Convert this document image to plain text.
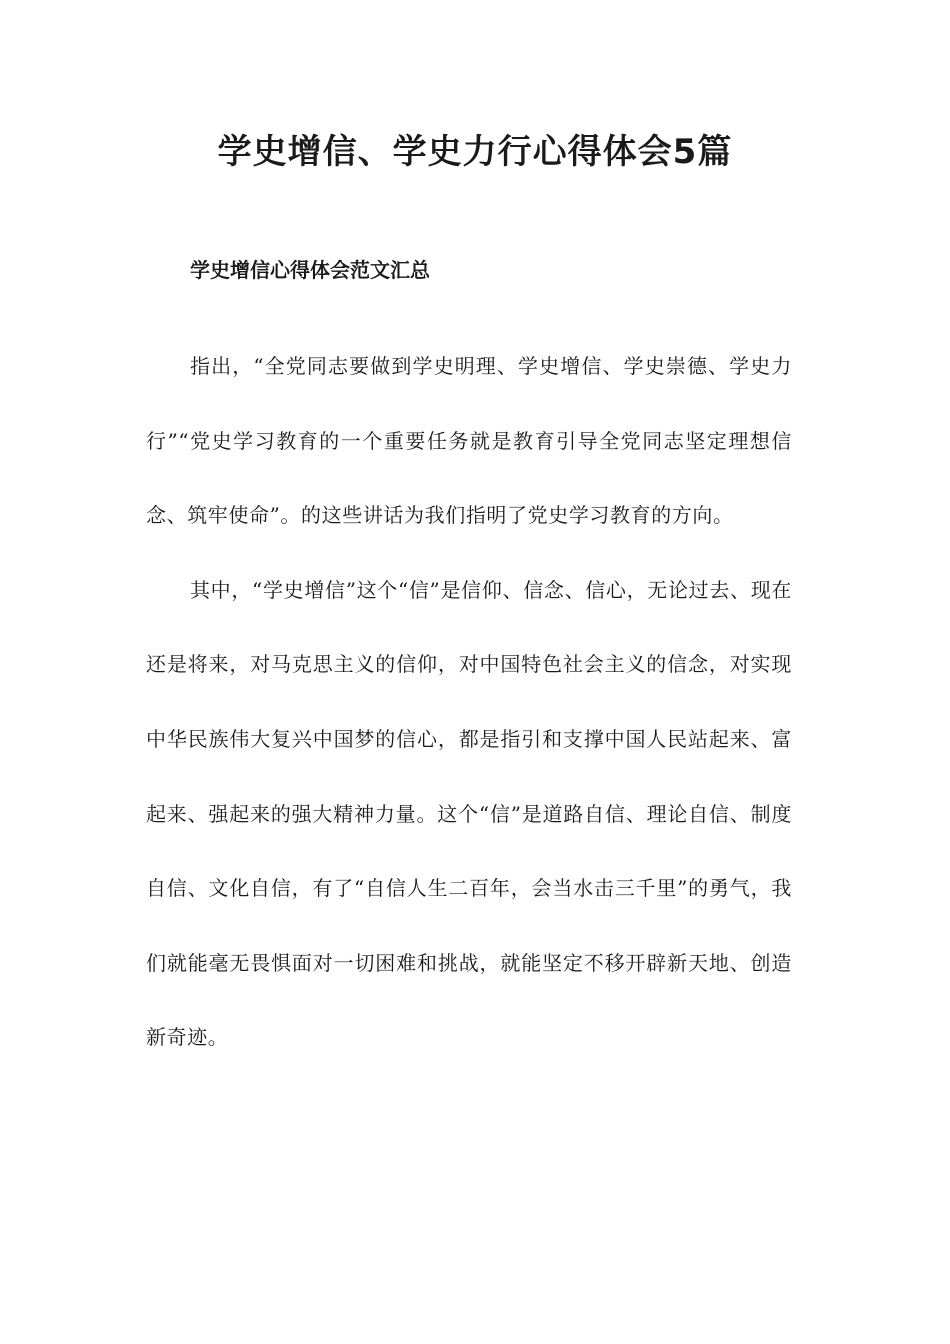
学史增信、学史力行心得体会5篇
学史增信心得体会范文汇总

指出，“全党同志要做到学史明理、学史增信、学史崇德、学史力行”“党史学习教育的一个重要任务就是教育引导全党同志坚定理想信念、筑牢使命”。的这些讲话为我们指明了党史学习教育的方向。

其中，“学史增信”这个“信”是信仰、信念、信心，无论过去、现在还是将来，对马克思主义的信仰，对中国特色社会主义的信念，对实现中华民族伟大复兴中国梦的信心，都是指引和支撑中国人民站起来、富起来、强起来的强大精神力量。这个“信”是道路自信、理论自信、制度自信、文化自信，有了“自信人生二百年，会当水击三千里”的勇气，我们就能毫无畏惧面对一切困难和挑战，就能坚定不移开辟新天地、创造新奇迹。
